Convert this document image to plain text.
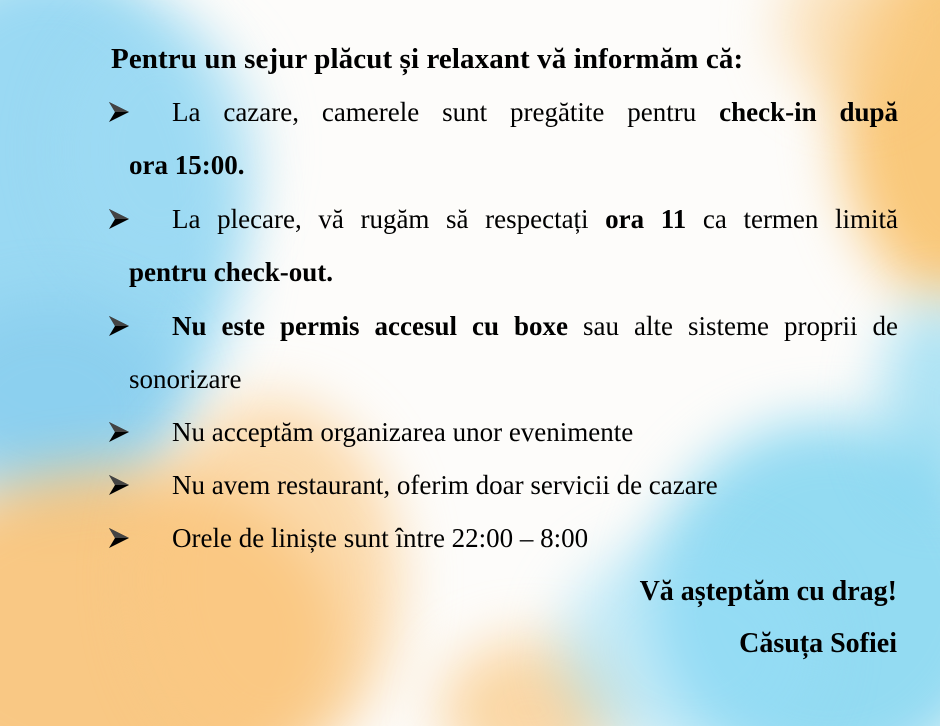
Pentru un sejur plăcut și relaxant vă informăm că:
La cazare, camerele sunt pregătite pentru check-in după
ora 15:00.
La plecare, vă rugăm să respectați ora 11 ca termen limită
pentru check-out.
Nu este permis accesul cu boxe sau alte sisteme proprii de
sonorizare
Nu acceptăm organizarea unor evenimente
Nu avem restaurant, oferim doar servicii de cazare
Orele de liniște sunt între 22:00 – 8:00
Vă așteptăm cu drag!
Căsuța Sofiei
